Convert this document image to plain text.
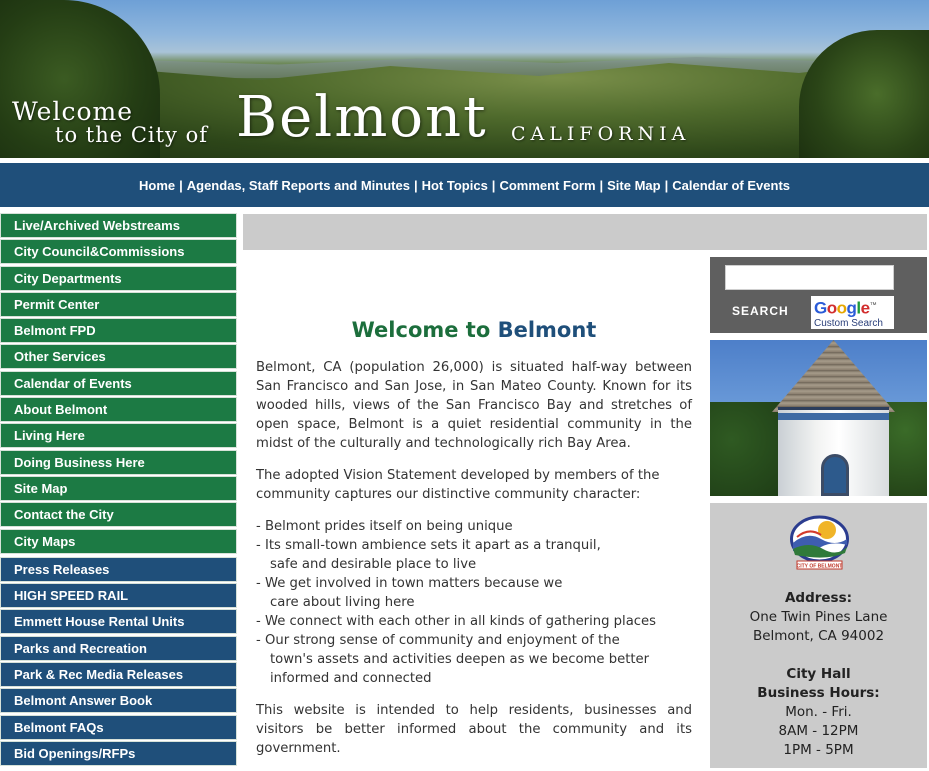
Welcome
to the City of Belmont CALIFORNIA
Home | Agendas, Staff Reports and Minutes | Hot Topics | Comment Form | Site Map | Calendar of Events
Live/Archived Webstreams
City Council&Commissions
City Departments
Permit Center
Belmont FPD
Other Services
Calendar of Events
About Belmont
Living Here
Doing Business Here
Site Map
Contact the City
City Maps
Press Releases
HIGH SPEED RAIL
Emmett House Rental Units
Parks and Recreation
Park & Rec Media Releases
Belmont Answer Book
Belmont FAQs
Bid Openings/RFPs
Welcome to Belmont

Belmont, CA (population 26,000) is situated half-way between San Francisco and San Jose, in San Mateo County. Known for its wooded hills, views of the San Francisco Bay and stretches of open space, Belmont is a quiet residential community in the midst of the culturally and technologically rich Bay Area.

The adopted Vision Statement developed by members of the community captures our distinctive community character:

- Belmont prides itself on being unique
- Its small-town ambience sets it apart as a tranquil,
safe and desirable place to live
- We get involved in town matters because we
care about living here
- We connect with each other in all kinds of gathering places
- Our strong sense of community and enjoyment of the
town's assets and activities deepen as we become better
informed and connected

This website is intended to help residents, businesses and visitors be better informed about the community and its government.

SEARCH Google™
Custom Search
CITY OF BELMONT
Address:
One Twin Pines Lane
Belmont, CA 94002
City Hall
Business Hours:
Mon. - Fri.
8AM - 12PM
1PM - 5PM
